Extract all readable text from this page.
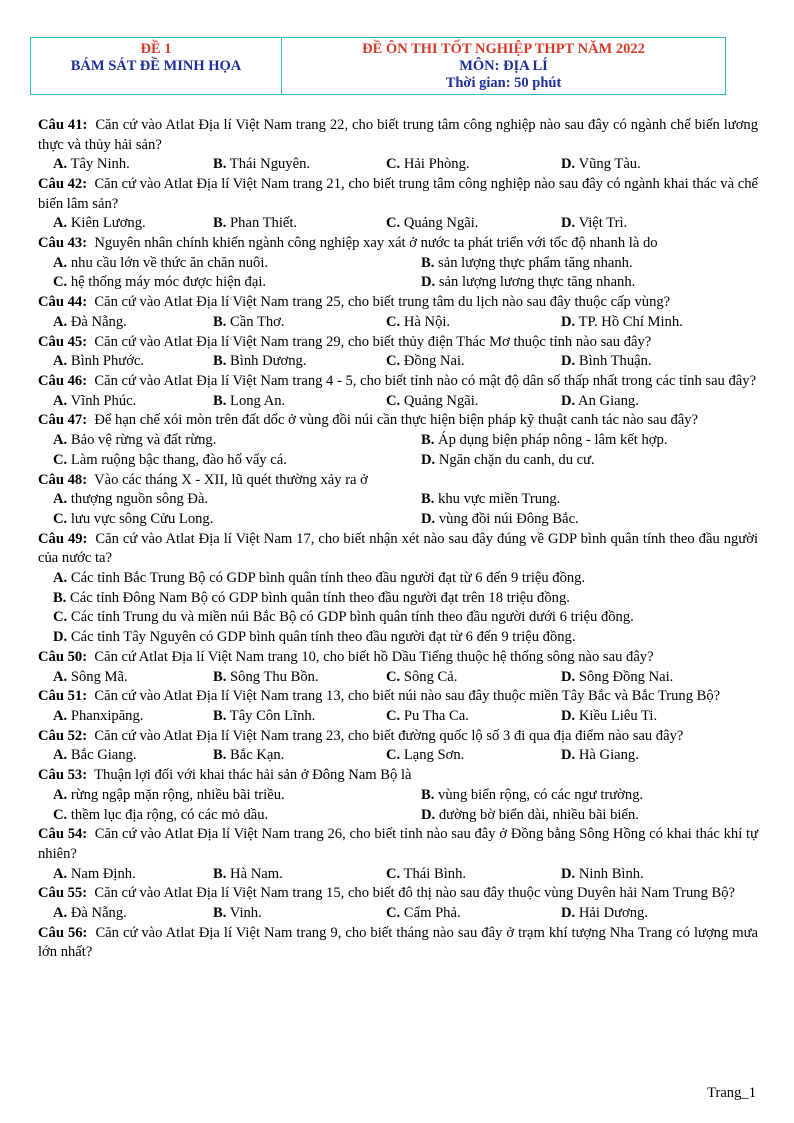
ĐỀ 1
BÁM SÁT ĐỀ MINH HỌA
ĐỀ ÔN THI TỐT NGHIỆP THPT NĂM 2022
MÔN: ĐỊA LÍ
Thời gian: 50 phút
Câu 41: Căn cứ vào Atlat Địa lí Việt Nam trang 22, cho biết trung tâm công nghiệp nào sau đây có ngành chế biến lương thực và thủy hải sản?
A. Tây Ninh.	B. Thái Nguyên.	C. Hải Phòng.	D. Vũng Tàu.
Câu 42: Căn cứ vào Atlat Địa lí Việt Nam trang 21, cho biết trung tâm công nghiệp nào sau đây có ngành khai thác và chế biến lâm sản?
A. Kiên Lương.	B. Phan Thiết.	C. Quảng Ngãi.	D. Việt Trì.
Câu 43: Nguyên nhân chính khiến ngành công nghiệp xay xát ở nước ta phát triển với tốc độ nhanh là do
A. nhu cầu lớn về thức ăn chăn nuôi.	B. sản lượng thực phẩm tăng nhanh.
C. hệ thống máy móc được hiện đại.	D. sản lượng lương thực tăng nhanh.
Câu 44: Căn cứ vào Atlat Địa lí Việt Nam trang 25, cho biết trung tâm du lịch nào sau đây thuộc cấp vùng?
A. Đà Nẵng.	B. Cần Thơ.	C. Hà Nội.	D. TP. Hồ Chí Minh.
Câu 45: Căn cứ vào Atlat Địa lí Việt Nam trang 29, cho biết thủy điện Thác Mơ thuộc tỉnh nào sau đây?
A. Bình Phước.	B. Bình Dương.	C. Đồng Nai.	D. Bình Thuận.
Câu 46: Căn cứ vào Atlat Địa lí Việt Nam trang 4 - 5, cho biết tỉnh nào có mật độ dân số thấp nhất trong các tỉnh sau đây?
A. Vĩnh Phúc.	B. Long An.	C. Quảng Ngãi.	D. An Giang.
Câu 47: Để hạn chế xói mòn trên đất dốc ở vùng đồi núi cần thực hiện biện pháp kỹ thuật canh tác nào sau đây?
A. Bảo vệ rừng và đất rừng.	B. Áp dụng biện pháp nông - lâm kết hợp.
C. Làm ruộng bậc thang, đào hố vẩy cá.	D. Ngăn chặn du canh, du cư.
Câu 48: Vào các tháng X - XII, lũ quét thường xảy ra ở
A. thượng nguồn sông Đà.	B. khu vực miền Trung.
C. lưu vực sông Cửu Long.	D. vùng đồi núi Đông Bắc.
Câu 49: Căn cứ vào Atlat Địa lí Việt Nam 17, cho biết nhận xét nào sau đây đúng về GDP bình quân tính theo đầu người của nước ta?
A. Các tỉnh Bắc Trung Bộ có GDP bình quân tính theo đầu người đạt từ 6 đến 9 triệu đồng.
B. Các tỉnh Đông Nam Bộ có GDP bình quân tính theo đầu người đạt trên 18 triệu đồng.
C. Các tỉnh Trung du và miền núi Bắc Bộ có GDP bình quân tính theo đầu người dưới 6 triệu đồng.
D. Các tỉnh Tây Nguyên có GDP bình quân tính theo đầu người đạt từ 6 đến 9 triệu đồng.
Câu 50: Căn cứ Atlat Địa lí Việt Nam trang 10, cho biết hồ Dầu Tiếng thuộc hệ thống sông nào sau đây?
A. Sông Mã.	B. Sông Thu Bồn.	C. Sông Cả.	D. Sông Đồng Nai.
Câu 51: Căn cứ vào Atlat Địa lí Việt Nam trang 13, cho biết núi nào sau đây thuộc miền Tây Bắc và Bắc Trung Bộ?
A. Phanxipăng.	B. Tây Côn Lĩnh.	C. Pu Tha Ca.	D. Kiều Liêu Ti.
Câu 52: Căn cứ vào Atlat Địa lí Việt Nam trang 23, cho biết đường quốc lộ số 3 đi qua địa điểm nào sau đây?
A. Bắc Giang.	B. Bắc Kạn.	C. Lạng Sơn.	D. Hà Giang.
Câu 53: Thuận lợi đối với khai thác hải sản ở Đông Nam Bộ là
A. rừng ngập mặn rộng, nhiều bãi triều.	B. vùng biển rộng, có các ngư trường.
C. thềm lục địa rộng, có các mỏ dầu.	D. đường bờ biển dài, nhiều bãi biển.
Câu 54: Căn cứ vào Atlat Địa lí Việt Nam trang 26, cho biết tỉnh nào sau đây ở Đồng bằng Sông Hồng có khai thác khí tự nhiên?
A. Nam Định.	B. Hà Nam.	C. Thái Bình.	D. Ninh Bình.
Câu 55: Căn cứ vào Atlat Địa lí Việt Nam trang 15, cho biết đô thị nào sau đây thuộc vùng Duyên hải Nam Trung Bộ?
A. Đà Nẵng.	B. Vinh.	C. Cẩm Phả.	D. Hải Dương.
Câu 56: Căn cứ vào Atlat Địa lí Việt Nam trang 9, cho biết tháng nào sau đây ở trạm khí tượng Nha Trang có lượng mưa lớn nhất?
Trang_1
